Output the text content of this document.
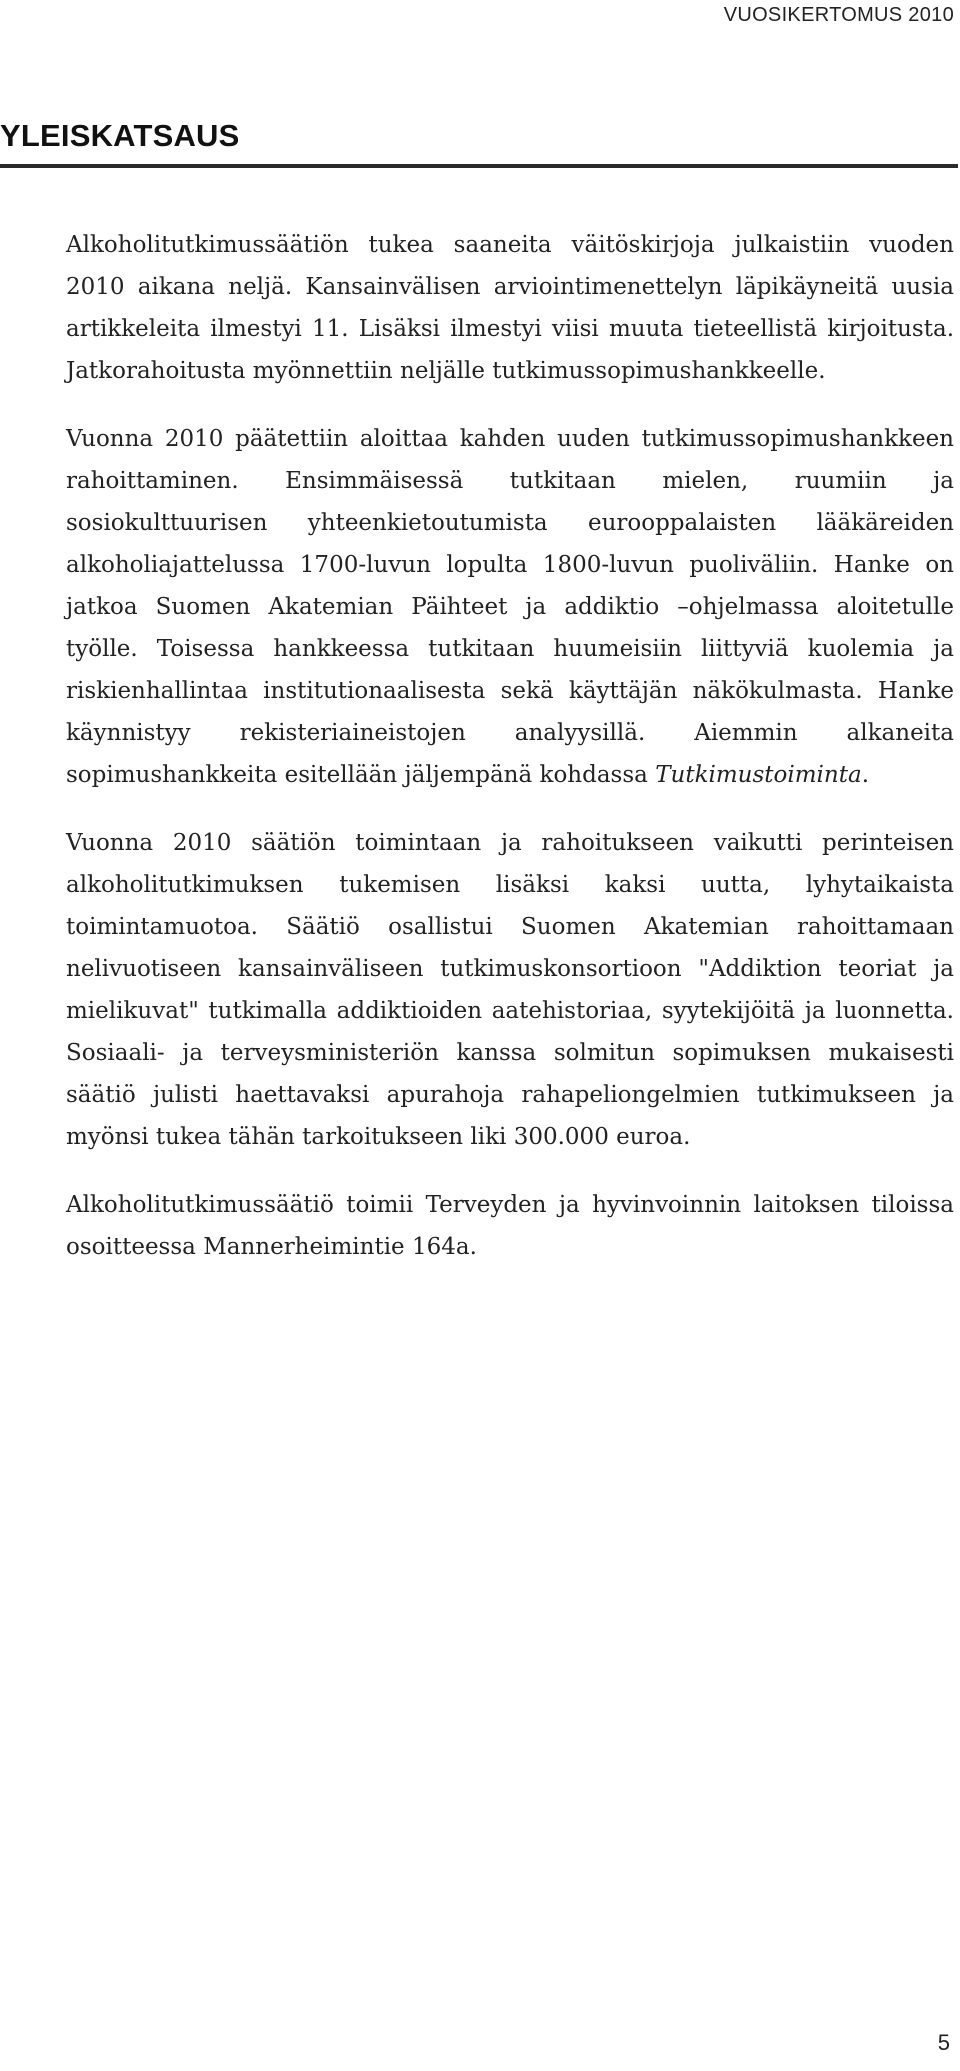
VUOSIKERTOMUS 2010
YLEISKATSAUS

Alkoholitutkimussäätiön tukea saaneita väitöskirjoja julkaistiin vuoden 2010 aikana neljä. Kansainvälisen arviointimenettelyn läpikäyneitä uusia artikkeleita ilmestyi 11. Lisäksi ilmestyi viisi muuta tieteellistä kirjoitusta. Jatkorahoitusta myönnettiin neljälle tutkimussopimushankkeelle.

Vuonna 2010 päätettiin aloittaa kahden uuden tutkimussopimushankkeen rahoittaminen. Ensimmäisessä tutkitaan mielen, ruumiin ja sosiokulttuurisen yhteenkietoutumista eurooppalaisten lääkäreiden alkoholiajattelussa 1700-luvun lopulta 1800-luvun puoliväliin. Hanke on jatkoa Suomen Akatemian Päihteet ja addiktio –ohjelmassa aloitetulle työlle. Toisessa hankkeessa tutkitaan huumeisiin liittyviä kuolemia ja riskienhallintaa institutionaalisesta sekä käyttäjän näkökulmasta. Hanke käynnistyy rekisteriaineistojen analyysillä. Aiemmin alkaneita sopimushankkeita esitellään jäljempänä kohdassa Tutkimustoiminta.

Vuonna 2010 säätiön toimintaan ja rahoitukseen vaikutti perinteisen alkoholitutkimuksen tukemisen lisäksi kaksi uutta, lyhytaikaista toimintamuotoa. Säätiö osallistui Suomen Akatemian rahoittamaan nelivuotiseen kansainväliseen tutkimuskonsortioon "Addiktion teoriat ja mielikuvat" tutkimalla addiktioiden aatehistoriaa, syytekijöitä ja luonnetta. Sosiaali- ja terveysministeriön kanssa solmitun sopimuksen mukaisesti säätiö julisti haettavaksi apurahoja rahapeliongelmien tutkimukseen ja myönsi tukea tähän tarkoitukseen liki 300.000 euroa.

Alkoholitutkimussäätiö toimii Terveyden ja hyvinvoinnin laitoksen tiloissa osoitteessa Mannerheimintie 164a.

5
